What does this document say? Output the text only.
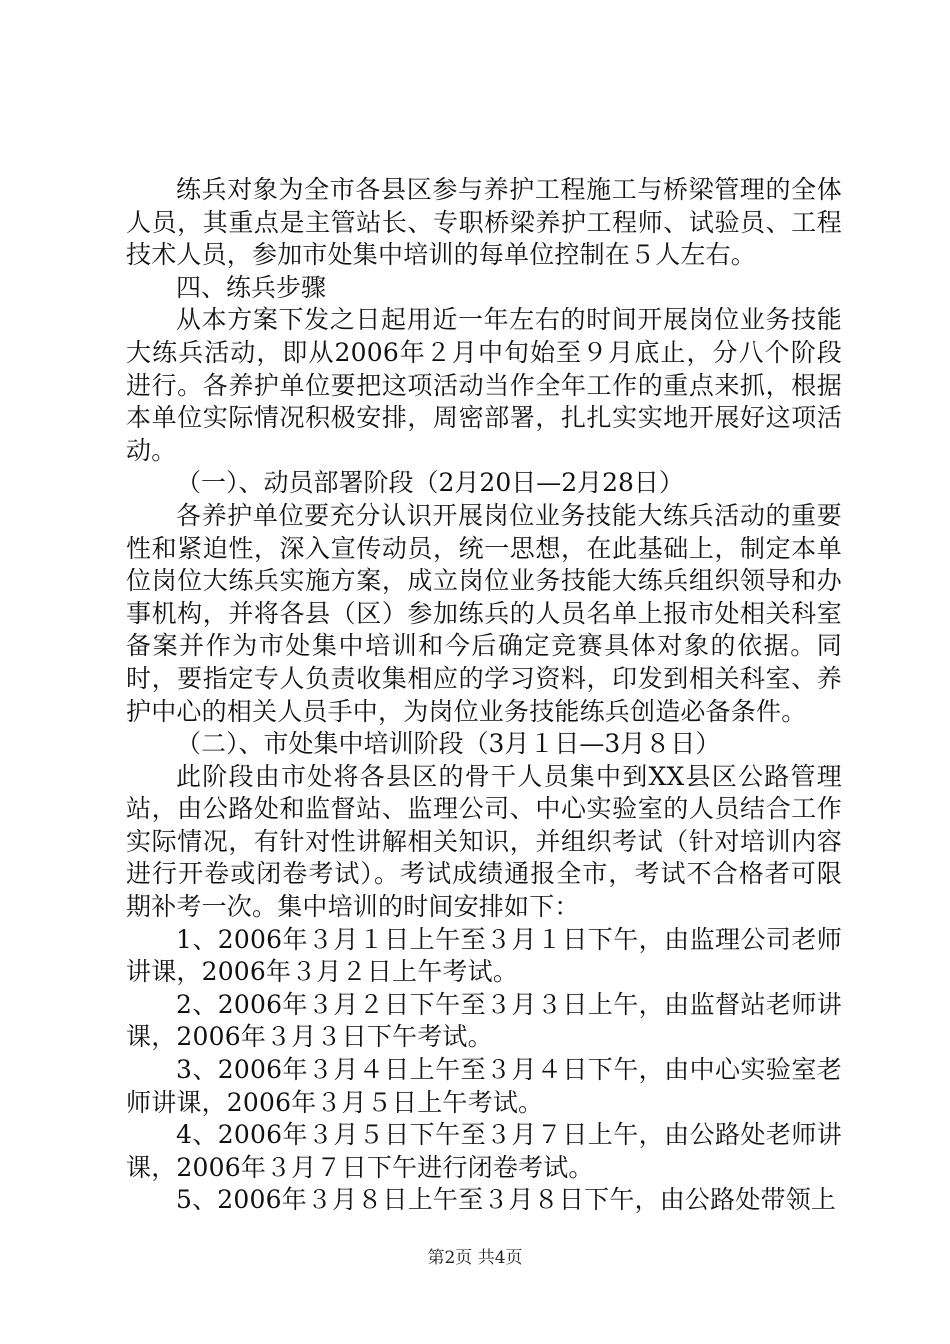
练兵对象为全市各县区参与养护工程施工与桥梁管理的全体人员，其重点是主管站长、专职桥梁养护工程师、试验员、工程技术人员，参加市处集中培训的每单位控制在５人左右。

四、练兵步骤

从本方案下发之日起用近一年左右的时间开展岗位业务技能大练兵活动，即从2006年２月中旬始至９月底止，分八个阶段进行。各养护单位要把这项活动当作全年工作的重点来抓，根据本单位实际情况积极安排，周密部署，扎扎实实地开展好这项活动。

（一）、动员部署阶段（2月20日—2月28日）

各养护单位要充分认识开展岗位业务技能大练兵活动的重要性和紧迫性，深入宣传动员，统一思想，在此基础上，制定本单位岗位大练兵实施方案，成立岗位业务技能大练兵组织领导和办事机构，并将各县（区）参加练兵的人员名单上报市处相关科室备案并作为市处集中培训和今后确定竞赛具体对象的依据。同时，要指定专人负责收集相应的学习资料，印发到相关科室、养护中心的相关人员手中，为岗位业务技能练兵创造必备条件。

（二）、市处集中培训阶段（3月１日—3月８日）

此阶段由市处将各县区的骨干人员集中到XX县区公路管理站，由公路处和监督站、监理公司、中心实验室的人员结合工作实际情况，有针对性讲解相关知识，并组织考试（针对培训内容进行开卷或闭卷考试）。考试成绩通报全市，考试不合格者可限期补考一次。集中培训的时间安排如下：

1、2006年３月１日上午至３月１日下午，由监理公司老师讲课，2006年３月２日上午考试。

2、2006年３月２日下午至３月３日上午，由监督站老师讲课，2006年３月３日下午考试。

3、2006年３月４日上午至３月４日下午，由中心实验室老师讲课，2006年３月５日上午考试。

4、2006年３月５日下午至３月７日上午，由公路处老师讲课，2006年３月７日下午进行闭卷考试。

5、2006年３月８日上午至３月８日下午，由公路处带领上

第2页 共4页
